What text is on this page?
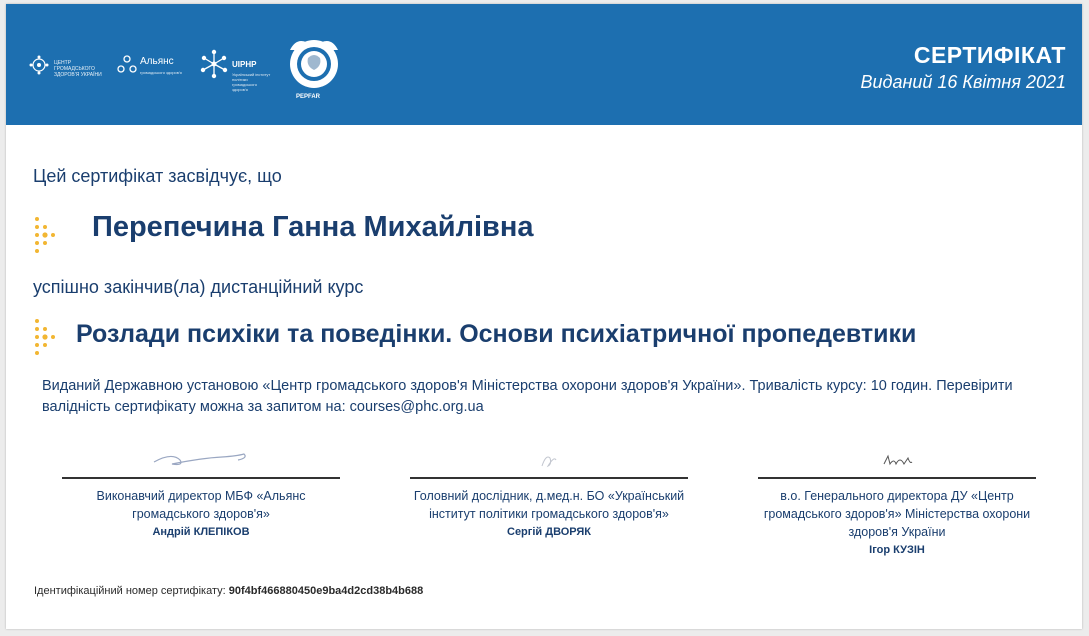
ЦЕНТР ГРОМАДСЬКОГО ЗДОРОВ'Я УКРАЇНИ
Альянс
громадського здоров'я
UIPHP
Український інститут політики громадського здоров'я
PEPFAR
СЕРТИФІКАТ
Виданий 16 Квітня 2021
Цей сертифікат засвідчує, що
Перепечина Ганна Михайлівна
успішно закінчив(ла) дистанційний курс
Розлади психіки та поведінки. Основи психіатричної пропедевтики
Виданий Державною установою «Центр громадського здоров'я Міністерства охорони здоров'я України». Тривалість курсу: 10 годин. Перевірити валідність сертифікату можна за запитом на: courses@phc.org.ua
Виконавчий директор МБФ «Альянс громадського здоров'я»
Андрій КЛЕПІКОВ
Головний дослідник, д.мед.н. БО «Український інститут політики громадського здоров'я»
Сергій ДВОРЯК
в.о. Генерального директора ДУ «Центр громадського здоров'я» Міністерства охорони здоров'я України
Ігор КУЗІН
Ідентифікаційний номер сертифікату: 90f4bf466880450e9ba4d2cd38b4b688
